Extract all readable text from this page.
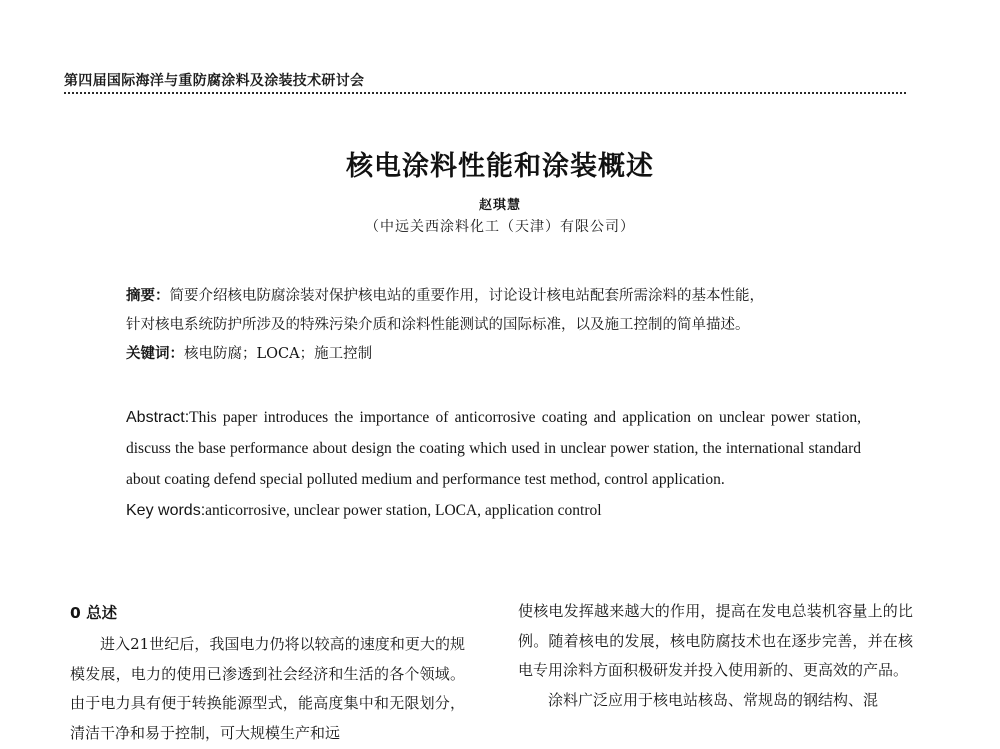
第四届国际海洋与重防腐涂料及涂装技术研讨会
核电涂料性能和涂装概述
赵琪慧
（中远关西涂料化工（天津）有限公司）

摘要：简要介绍核电防腐涂装对保护核电站的重要作用，讨论设计核电站配套所需涂料的基本性能，

针对核电系统防护所涉及的特殊污染介质和涂料性能测试的国际标准，以及施工控制的简单描述。

关键词：核电防腐；LOCA；施工控制

Abstract:This paper introduces the importance of anticorrosive coating and application on unclear power station, discuss the base performance about design the coating which used in unclear power station, the international standard about coating defend special polluted medium and performance test method, control application.

Key words:anticorrosive, unclear power station, LOCA, application control

0 总述

进入21世纪后，我国电力仍将以较高的速度和更大的规模发展，电力的使用已渗透到社会经济和生活的各个领域。由于电力具有便于转换能源型式，能高度集中和无限划分，清洁干净和易于控制，可大规模生产和远

使核电发挥越来越大的作用，提高在发电总装机容量上的比例。随着核电的发展，核电防腐技术也在逐步完善，并在核电专用涂料方面积极研发并投入使用新的、更高效的产品。

涂料广泛应用于核电站核岛、常规岛的钢结构、混
